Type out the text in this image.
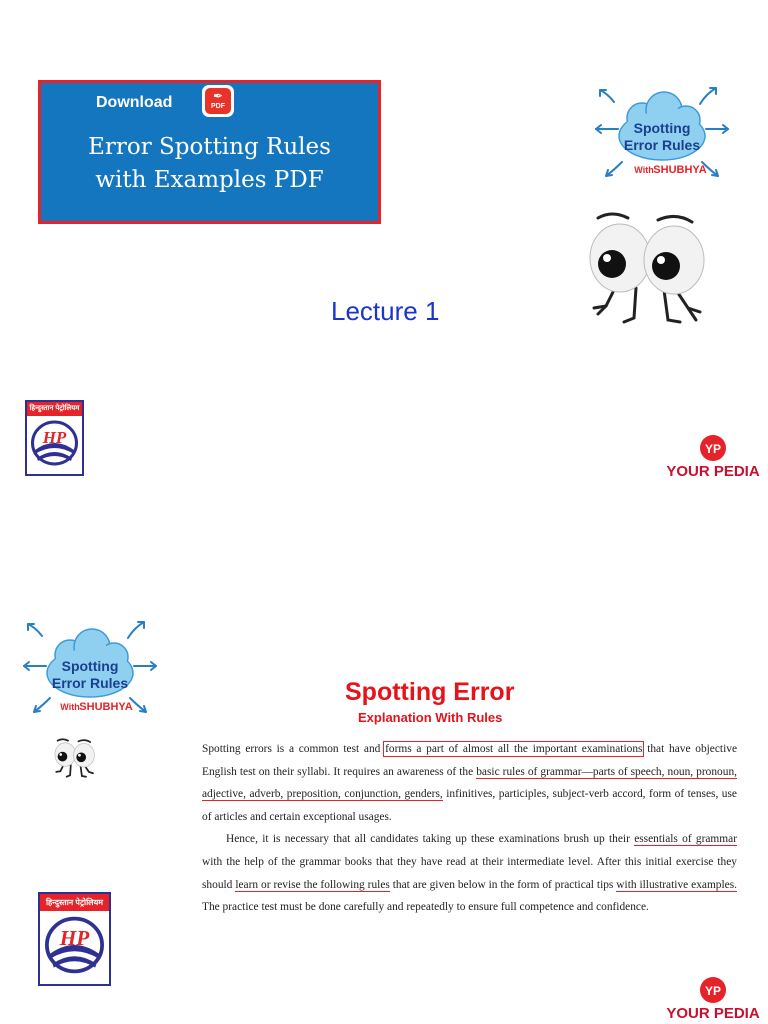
Download	✒
PDF
Error Spotting Rules
with Examples PDF
Spotting
Error Rules
With SHUBHYA
Lecture 1
हिन्दुस्तान पेट्रोलियम
HP
YP
YOUR PEDIA
Spotting
Error Rules
With SHUBHYA
Spotting Error
Explanation With Rules

Spotting errors is a common test and forms a part of almost all the important examinations that have objective English test on their syllabi. It requires an awareness of the basic rules of grammar—parts of speech, noun, pronoun, adjective, adverb, preposition, conjunction, genders, infinitives, participles, subject-verb accord, form of tenses, use of articles and certain exceptional usages.

Hence, it is necessary that all candidates taking up these examinations brush up their essentials of grammar with the help of the grammar books that they have read at their intermediate level. After this initial exercise they should learn or revise the following rules that are given below in the form of practical tips with illustrative examples. The practice test must be done carefully and repeatedly to ensure full competence and confidence.

हिन्दुस्तान पेट्रोलियम
HP
YP
YOUR PEDIA
